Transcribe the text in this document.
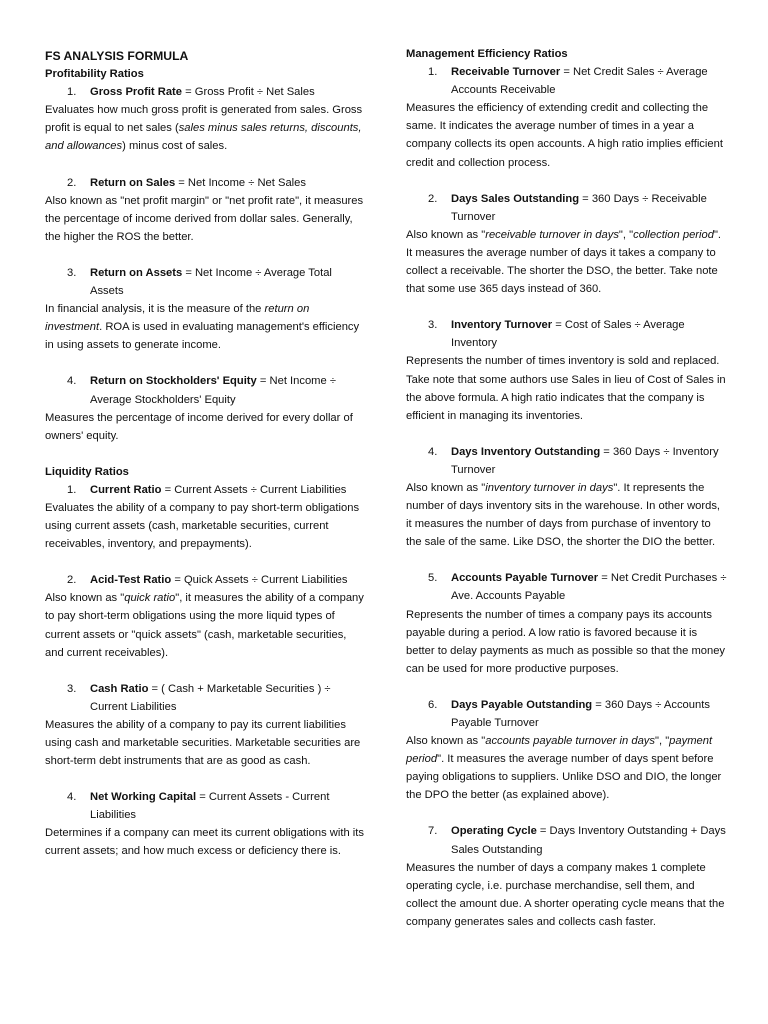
FS ANALYSIS FORMULA

Profitability Ratios

1. Gross Profit Rate = Gross Profit ÷ Net Sales

Evaluates how much gross profit is generated from sales. Gross profit is equal to net sales (sales minus sales returns, discounts, and allowances) minus cost of sales.

2. Return on Sales = Net Income ÷ Net Sales

Also known as "net profit margin" or "net profit rate", it measures the percentage of income derived from dollar sales. Generally, the higher the ROS the better.

3. Return on Assets = Net Income ÷ Average Total Assets

In financial analysis, it is the measure of the return on investment. ROA is used in evaluating management's efficiency in using assets to generate income.

4. Return on Stockholders' Equity = Net Income ÷ Average Stockholders' Equity

Measures the percentage of income derived for every dollar of owners' equity.

Liquidity Ratios

1. Current Ratio = Current Assets ÷ Current Liabilities

Evaluates the ability of a company to pay short-term obligations using current assets (cash, marketable securities, current receivables, inventory, and prepayments).

2. Acid-Test Ratio = Quick Assets ÷ Current Liabilities

Also known as "quick ratio", it measures the ability of a company to pay short-term obligations using the more liquid types of current assets or "quick assets" (cash, marketable securities, and current receivables).

3. Cash Ratio = ( Cash + Marketable Securities ) ÷ Current Liabilities

Measures the ability of a company to pay its current liabilities using cash and marketable securities. Marketable securities are short-term debt instruments that are as good as cash.

4. Net Working Capital = Current Assets - Current Liabilities

Determines if a company can meet its current obligations with its current assets; and how much excess or deficiency there is.

Management Efficiency Ratios

1. Receivable Turnover = Net Credit Sales ÷ Average Accounts Receivable

Measures the efficiency of extending credit and collecting the same. It indicates the average number of times in a year a company collects its open accounts. A high ratio implies efficient credit and collection process.

2. Days Sales Outstanding = 360 Days ÷ Receivable Turnover

Also known as "receivable turnover in days", "collection period". It measures the average number of days it takes a company to collect a receivable. The shorter the DSO, the better. Take note that some use 365 days instead of 360.

3. Inventory Turnover = Cost of Sales ÷ Average Inventory

Represents the number of times inventory is sold and replaced. Take note that some authors use Sales in lieu of Cost of Sales in the above formula. A high ratio indicates that the company is efficient in managing its inventories.

4. Days Inventory Outstanding = 360 Days ÷ Inventory Turnover

Also known as "inventory turnover in days". It represents the number of days inventory sits in the warehouse. In other words, it measures the number of days from purchase of inventory to the sale of the same. Like DSO, the shorter the DIO the better.

5. Accounts Payable Turnover = Net Credit Purchases ÷ Ave. Accounts Payable

Represents the number of times a company pays its accounts payable during a period. A low ratio is favored because it is better to delay payments as much as possible so that the money can be used for more productive purposes.

6. Days Payable Outstanding = 360 Days ÷ Accounts Payable Turnover

Also known as "accounts payable turnover in days", "payment period". It measures the average number of days spent before paying obligations to suppliers. Unlike DSO and DIO, the longer the DPO the better (as explained above).

7. Operating Cycle = Days Inventory Outstanding + Days Sales Outstanding

Measures the number of days a company makes 1 complete operating cycle, i.e. purchase merchandise, sell them, and collect the amount due. A shorter operating cycle means that the company generates sales and collects cash faster.
